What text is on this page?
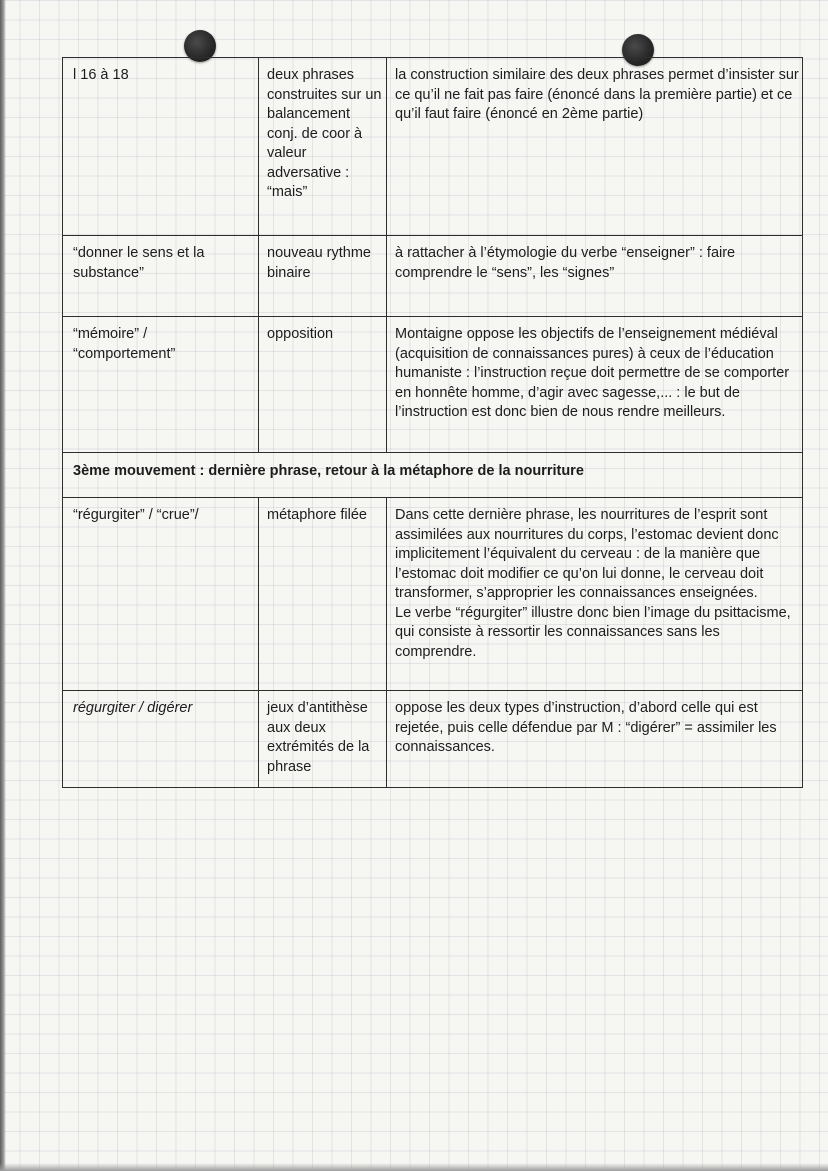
l 16 à 18	deux phrases construites sur un balancement conj. de coor à valeur adversative : “mais”	la construction similaire des deux phrases permet d’insister sur ce qu’il ne fait pas faire (énoncé dans la première partie) et ce qu’il faut faire (énoncé en 2ème partie)
“donner le sens et la substance”	nouveau rythme binaire	à rattacher à l’étymologie du verbe “enseigner” : faire comprendre le “sens”, les “signes”
“mémoire” / “comportement”	opposition	Montaigne oppose les objectifs de l’enseignement médiéval (acquisition de connaissances pures) à ceux de l’éducation humaniste : l’instruction reçue doit permettre de se comporter en honnête homme, d’agir avec sagesse,... : le but de l’instruction est donc bien de nous rendre meilleurs.
3ème mouvement : dernière phrase, retour à la métaphore de la nourriture		
“régurgiter” / “crue”/	métaphore filée	Dans cette dernière phrase, les nourritures de l’esprit sont assimilées aux nourritures du corps, l’estomac devient donc implicitement l’équivalent du cerveau : de la manière que l’estomac doit modifier ce qu’on lui donne, le cerveau doit transformer, s’approprier les connaissances enseignées.
Le verbe “régurgiter” illustre donc bien l’image du psittacisme, qui consiste à ressortir les connaissances sans les comprendre.

régurgiter / digérer	jeux d’antithèse aux deux extrémités de la phrase	oppose les deux types d’instruction, d’abord celle qui est rejetée, puis celle défendue par M : “digérer” = assimiler les connaissances.
